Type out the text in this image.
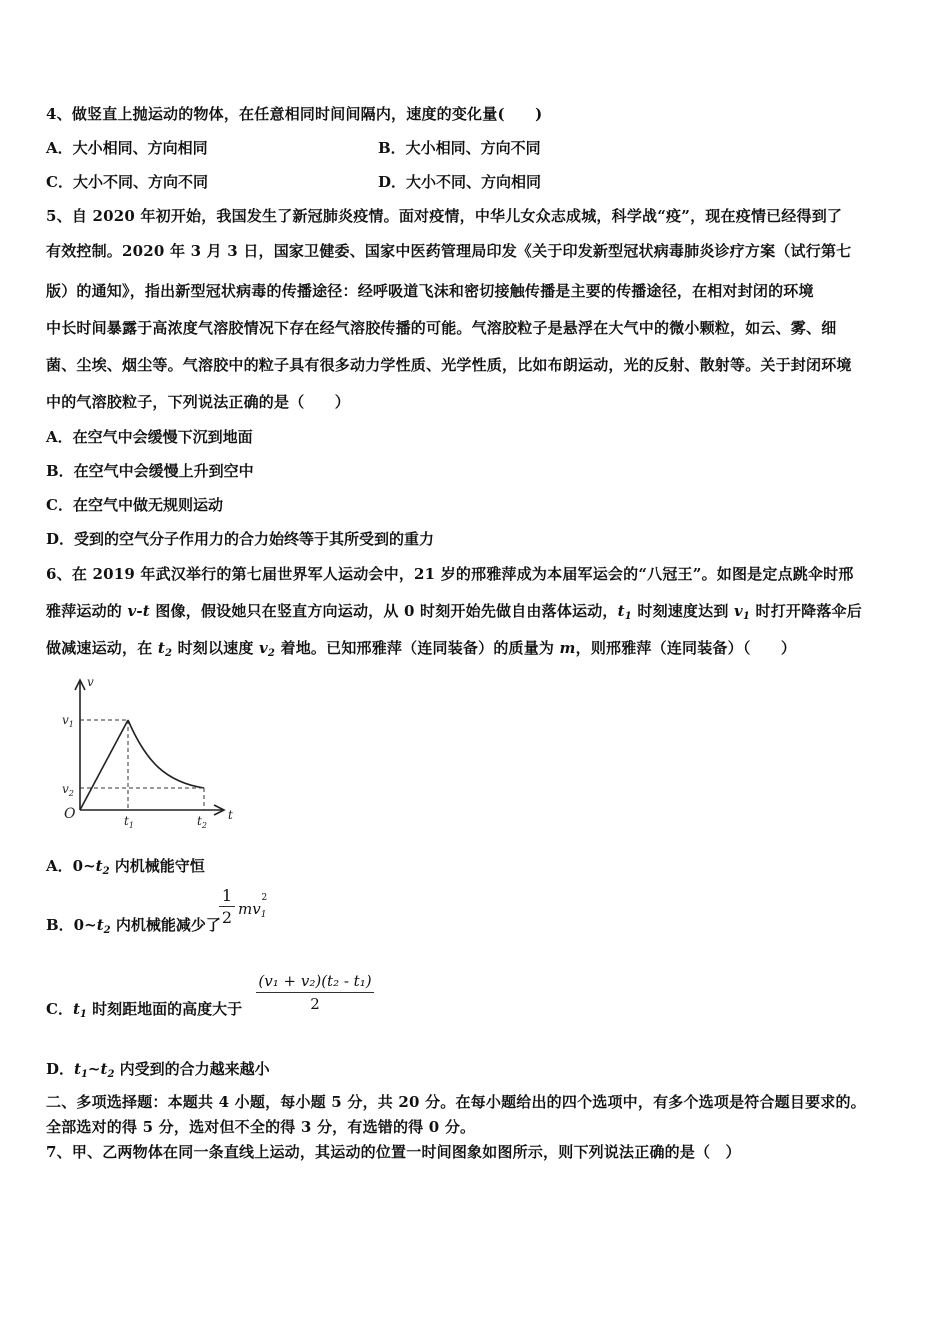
4、做竖直上抛运动的物体，在任意相同时间间隔内，速度的变化量(　　)
A．大小相同、方向相同	B．大小相同、方向不同
C．大小不同、方向不同	D．大小不同、方向相同
5、自 2020 年初开始，我国发生了新冠肺炎疫情。面对疫情，中华儿女众志成城，科学战“疫”，现在疫情已经得到了
有效控制。2020 年 3 月 3 日，国家卫健委、国家中医药管理局印发《关于印发新型冠状病毒肺炎诊疗方案（试行第七
版）的通知》，指出新型冠状病毒的传播途径：经呼吸道飞沫和密切接触传播是主要的传播途径，在相对封闭的环境
中长时间暴露于高浓度气溶胶情况下存在经气溶胶传播的可能。气溶胶粒子是悬浮在大气中的微小颗粒，如云、雾、细
菌、尘埃、烟尘等。气溶胶中的粒子具有很多动力学性质、光学性质，比如布朗运动，光的反射、散射等。关于封闭环境
中的气溶胶粒子，下列说法正确的是（　　）
A．在空气中会缓慢下沉到地面
B．在空气中会缓慢上升到空中
C．在空气中做无规则运动
D．受到的空气分子作用力的合力始终等于其所受到的重力
6、在 2019 年武汉举行的第七届世界军人运动会中，21 岁的邢雅萍成为本届军运会的“八冠王”。如图是定点跳伞时邢
雅萍运动的 v-t 图像，假设她只在竖直方向运动，从 0 时刻开始先做自由落体运动，$t_1$ 时刻速度达到 $v_1$ 时打开降落伞后
做减速运动，在 $t_2$ 时刻以速度 $v_2$ 着地。已知邢雅萍（连同装备）的质量为 m，则邢雅萍（连同装备）（　　）
v
t
O
$v_1$
$v_2$
$t_1$	$t_2$
A．$0\sim t_2$ 内机械能守恒
B．$0\sim t_2$ 内机械能减少了
1
2 $mv_1^2$
C．$t_1$ 时刻距地面的高度大于
(v₁ + v₂)(t₂ - t₁)
2
D．$t_1\sim t_2$ 内受到的合力越来越小
二、多项选择题：本题共 4 小题，每小题 5 分，共 20 分。在每小题给出的四个选项中，有多个选项是符合题目要求的。
全部选对的得 5 分，选对但不全的得 3 分，有选错的得 0 分。
7、甲、乙两物体在同一条直线上运动，其运动的位置一时间图象如图所示，则下列说法正确的是（　）
